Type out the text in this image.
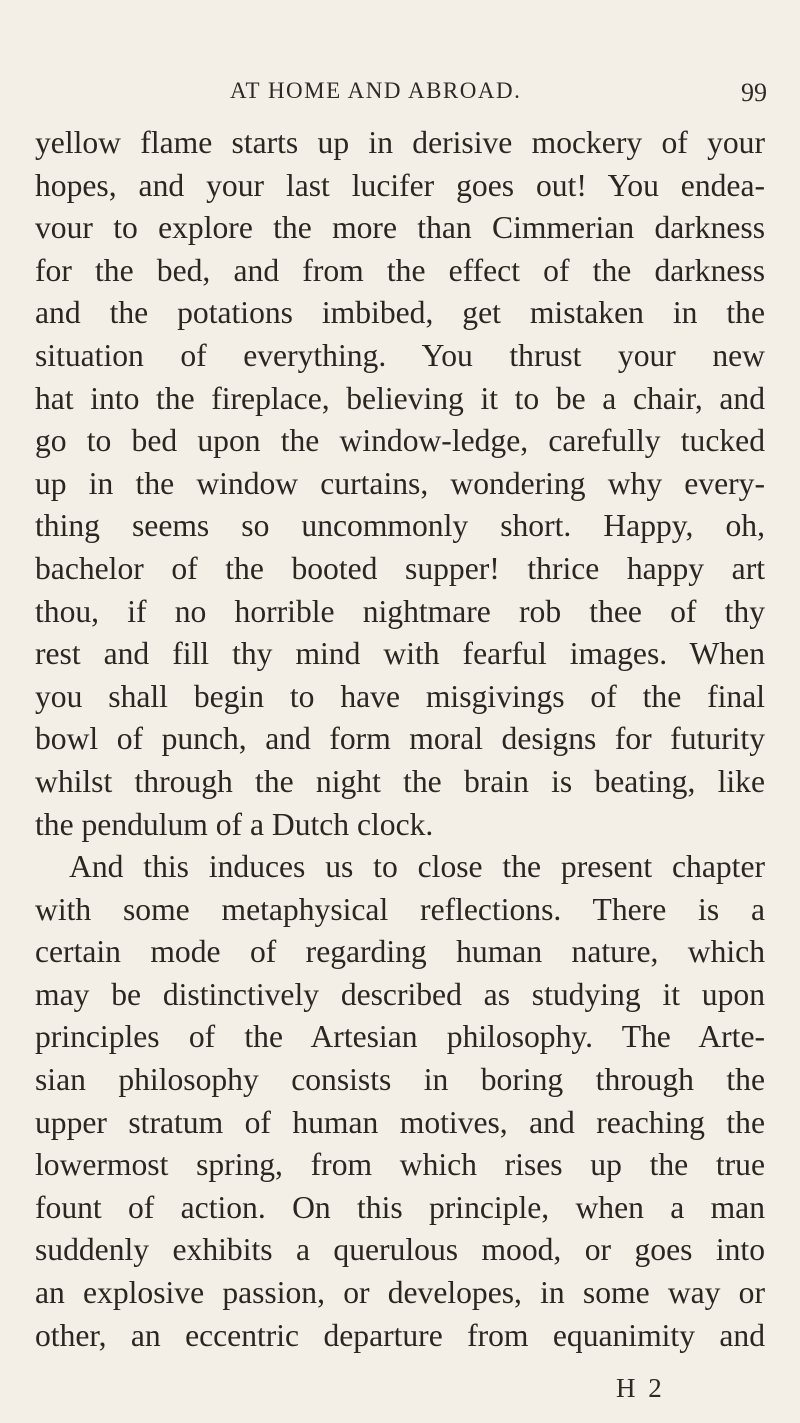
AT HOME AND ABROAD.	99
yellow flame starts up in derisive mockery of your
hopes, and your last lucifer goes out! You endea-
vour to explore the more than Cimmerian darkness
for the bed, and from the effect of the darkness
and the potations imbibed, get mistaken in the
situation of everything. You thrust your new
hat into the fireplace, believing it to be a chair, and
go to bed upon the window-ledge, carefully tucked
up in the window curtains, wondering why every-
thing seems so uncommonly short. Happy, oh,
bachelor of the booted supper! thrice happy art
thou, if no horrible nightmare rob thee of thy
rest and fill thy mind with fearful images. When
you shall begin to have misgivings of the final
bowl of punch, and form moral designs for futurity
whilst through the night the brain is beating, like
the pendulum of a Dutch clock.
And this induces us to close the present chapter
with some metaphysical reflections. There is a
certain mode of regarding human nature, which
may be distinctively described as studying it upon
principles of the Artesian philosophy. The Arte-
sian philosophy consists in boring through the
upper stratum of human motives, and reaching the
lowermost spring, from which rises up the true
fount of action. On this principle, when a man
suddenly exhibits a querulous mood, or goes into
an explosive passion, or developes, in some way or
other, an eccentric departure from equanimity and
H 2
